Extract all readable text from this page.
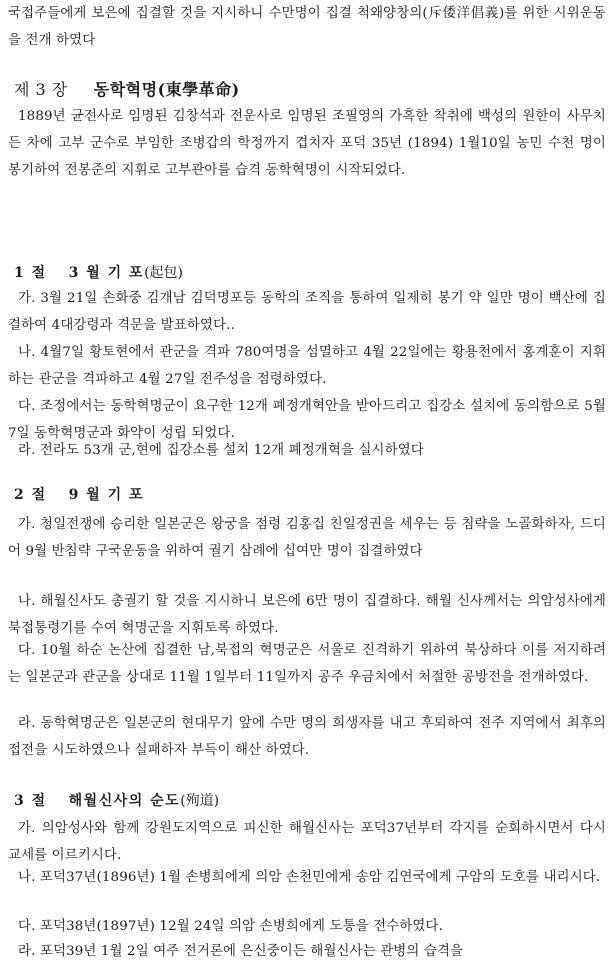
국접주들에게 보은에 집결할 것을 지시하니 수만명이 집결 척왜양창의(斥倭洋倡義)를 위한 시위운동을 전개 하였다
제 3 장 동학혁명(東學革命)
1889년 균전사로 임명된 김창석과 전운사로 임명된 조필영의 가혹한 착취에 백성의 원한이 사무치든 차에 고부 군수로 부임한 조병갑의 학정까지 겹치자 포덕 35년 (1894) 1월10일 농민 수천 명이 봉기하여 전봉준의 지휘로 고부관아를 습격 동학혁명이 시작되었다.
1 절 3 월 기 포(起包)
가. 3월 21일 손화중 김개남 김덕명포등 동학의 조직을 통하여 일제히 봉기 약 일만 명이 백산에 집결하여 4대강령과 격문을 발표하였다..
나. 4월7일 황토현에서 관군을 격파 780여명을 섬멸하고 4월 22일에는 황용천에서 홍계훈이 지휘하는 관군을 격파하고 4월 27일 전주성을 점령하였다.
다. 조정에서는 동학혁명군이 요구한 12개 폐정개혁안을 받아드리고 집강소 설치에 동의함으로 5월7일 동학혁명군과 화약이 성립 되었다.
라. 전라도 53개 군,현에 집강소를 설치 12개 폐정개혁을 실시하였다
2 절 9 월 기 포
가. 청일전쟁에 승리한 일본군은 왕궁을 점령 김홍집 친일정권을 세우는 등 침략을 노골화하자, 드디어 9월 반침략 구국운동을 위하여 궐기 삼례에 십여만 명이 집결하였다
나. 해월신사도 총궐기 할 것을 지시하니 보은에 6만 명이 집결하다. 해월 신사께서는 의암성사에게 북접통령기를 수여 혁명군을 지휘토록 하였다.
다. 10월 하순 논산에 집결한 남,북접의 혁명군은 서울로 진격하기 위하여 북상하다 이를 저지하려는 일본군과 관군을 상대로 11월 1일부터 11일까지 공주 우금치에서 처절한 공방전을 전개하였다.
라. 동학혁명군은 일본군의 현대무기 앞에 수만 명의 희생자를 내고 후퇴하여 전주 지역에서 최후의 접전을 시도하였으나 실패하자 부득이 해산 하였다.
3 절 해월신사의 순도(殉道)
가. 의암성사와 함께 강원도지역으로 피신한 해월신사는 포덕37년부터 각지를 순회하시면서 다시 교세를 이르키시다.
나. 포덕37년(1896년) 1월 손병희에게 의암 손천민에게 송암 김연국에게 구암의 도호를 내리시다.
다. 포덕38년(1897년) 12월 24일 의암 손병희에게 도통을 전수하였다.
라. 포덕39년 1월 2일 여주 전거론에 은신중이든 해월신사는 관병의 습격을
